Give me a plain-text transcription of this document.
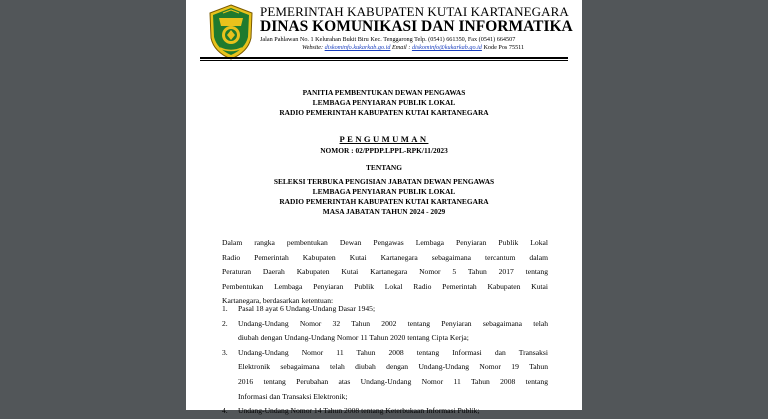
PEMERINTAH KABUPATEN KUTAI KARTANEGARA
DINAS KOMUNIKASI DAN INFORMATIKA
Jalan Pahlawan No. 1 Kelurahan Bukit Biru Kec. Tenggarong Telp. (0541) 661350, Fax (0541) 664507
Website: diskominfo.kukarkab.go.id Email : diskominfo@kukarkab.go.id Kode Pos 75511
PANITIA PEMBENTUKAN DEWAN PENGAWAS
LEMBAGA PENYIARAN PUBLIK LOKAL
RADIO PEMERINTAH KABUPATEN KUTAI KARTANEGARA
PENGUMUMAN
NOMOR : 02/PPDP.LPPL-RPK/11/2023
TENTANG
SELEKSI TERBUKA PENGISIAN JABATAN DEWAN PENGAWAS
LEMBAGA PENYIARAN PUBLIK LOKAL
RADIO PEMERINTAH KABUPATEN KUTAI KARTANEGARA
MASA JABATAN TAHUN 2024 - 2029
Dalam rangka pembentukan Dewan Pengawas Lembaga Penyiaran Publik Lokal
Radio Pemerintah Kabupaten Kutai Kartanegara sebagaimana tercantum dalam
Peraturan Daerah Kabupaten Kutai Kartanegara Nomor 5 Tahun 2017 tentang
Pembentukan Lembaga Penyiaran Publik Lokal Radio Pemerintah Kabupaten Kutai
Kartanegara, berdasarkan ketentuan:
1. Pasal 18 ayat 6 Undang-Undang Dasar 1945;
2. Undang-Undang Nomor 32 Tahun 2002 tentang Penyiaran sebagaimana telah
diubah dengan Undang-Undang Nomor 11 Tahun 2020 tentang Cipta Kerja;
3. Undang-Undang Nomor 11 Tahun 2008 tentang Informasi dan Transaksi
Elektronik sebagaimana telah diubah dengan Undang-Undang Nomor 19 Tahun
2016 tentang Perubahan atas Undang-Undang Nomor 11 Tahun 2008 tentang
Informasi dan Transaksi Elektronik;
4. Undang-Undang Nomor 14 Tahun 2008 tentang Keterbukaan Informasi Publik;
